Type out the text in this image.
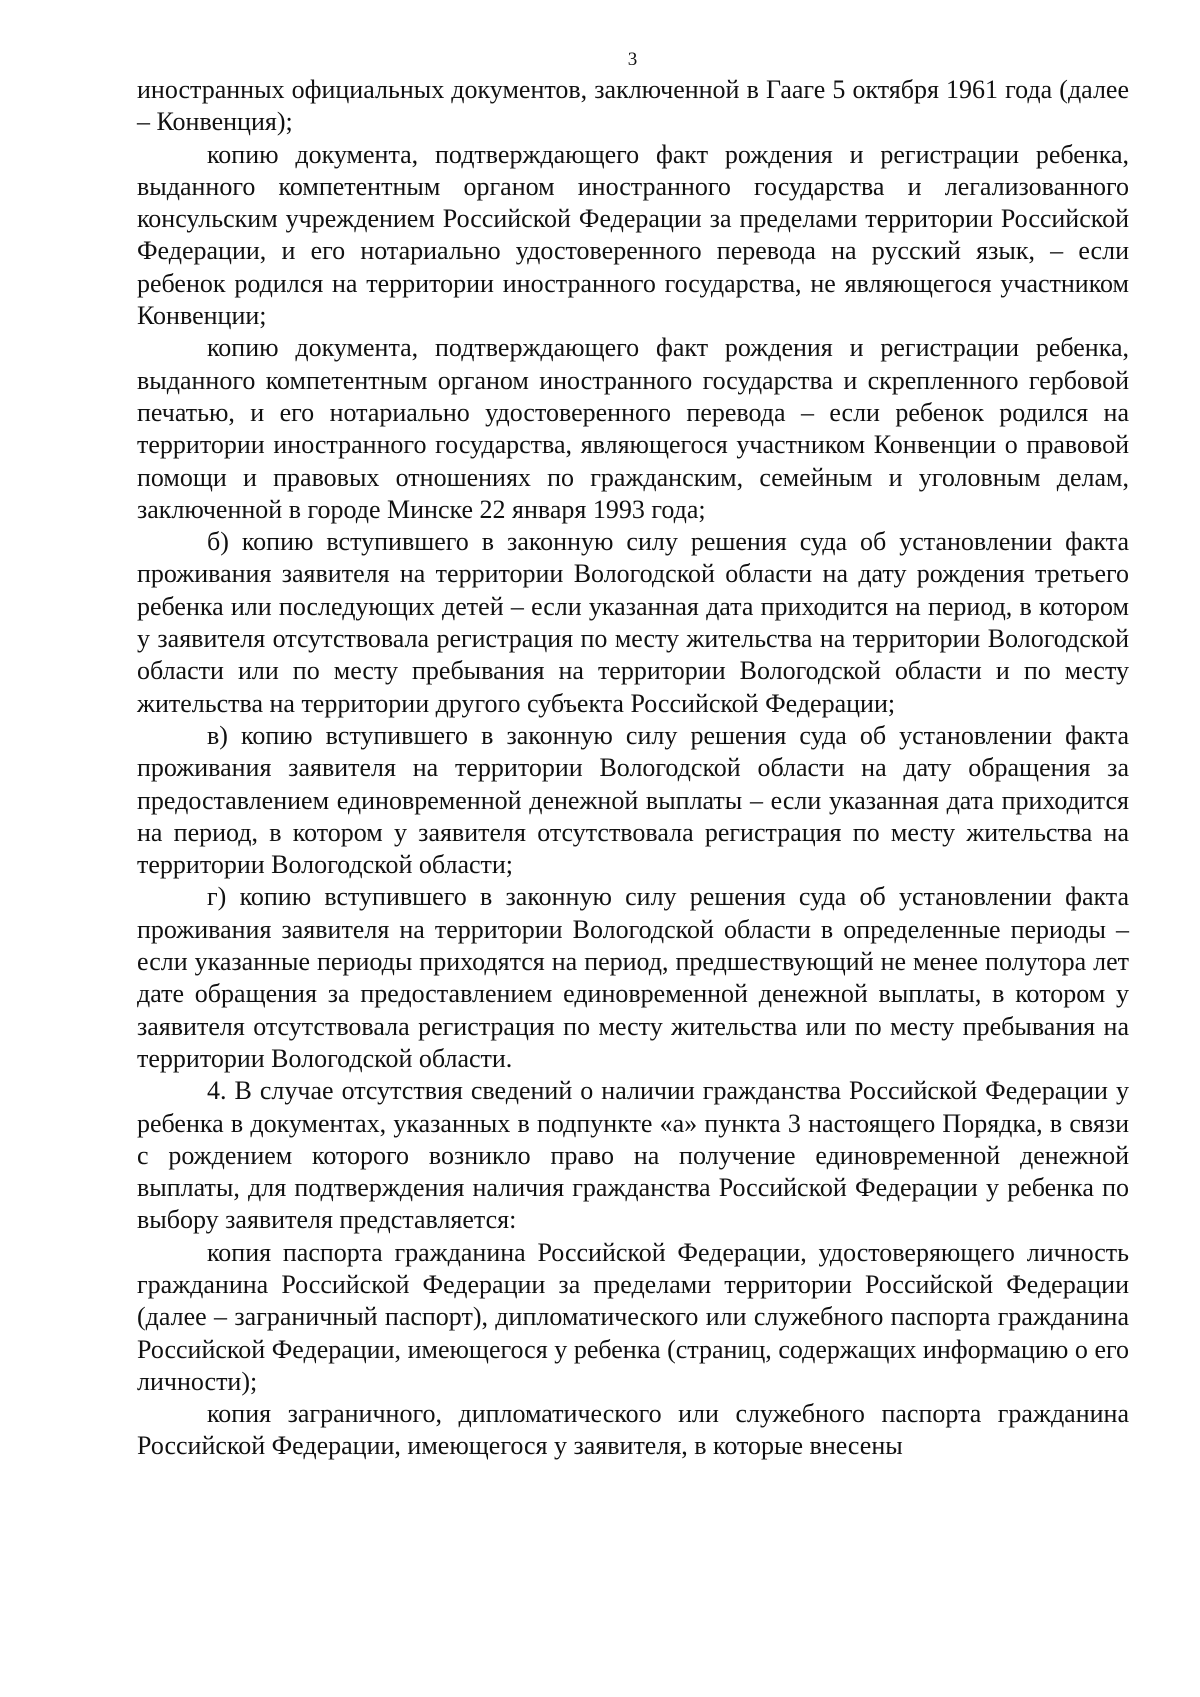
3

иностранных официальных документов, заключенной в Гааге 5 октября 1961 года (далее – Конвенция);

копию документа, подтверждающего факт рождения и регистрации ребенка, выданного компетентным органом иностранного государства и легализованного консульским учреждением Российской Федерации за пределами территории Российской Федерации, и его нотариально удостоверенного перевода на русский язык, – если ребенок родился на территории иностранного государства, не являющегося участником Конвенции;

копию документа, подтверждающего факт рождения и регистрации ребенка, выданного компетентным органом иностранного государства и скрепленного гербовой печатью, и его нотариально удостоверенного перевода – если ребенок родился на территории иностранного государства, являющегося участником Конвенции о правовой помощи и правовых отношениях по гражданским, семейным и уголовным делам, заключенной в городе Минске 22 января 1993 года;

б) копию вступившего в законную силу решения суда об установлении факта проживания заявителя на территории Вологодской области на дату рождения третьего ребенка или последующих детей – если указанная дата приходится на период, в котором у заявителя отсутствовала регистрация по месту жительства на территории Вологодской области или по месту пребывания на территории Вологодской области и по месту жительства на территории другого субъекта Российской Федерации;

в) копию вступившего в законную силу решения суда об установлении факта проживания заявителя на территории Вологодской области на дату обращения за предоставлением единовременной денежной выплаты – если указанная дата приходится на период, в котором у заявителя отсутствовала регистрация по месту жительства на территории Вологодской области;

г) копию вступившего в законную силу решения суда об установлении факта проживания заявителя на территории Вологодской области в определенные периоды – если указанные периоды приходятся на период, предшествующий не менее полутора лет дате обращения за предоставлением единовременной денежной выплаты, в котором у заявителя отсутствовала регистрация по месту жительства или по месту пребывания на территории Вологодской области.

4. В случае отсутствия сведений о наличии гражданства Российской Федерации у ребенка в документах, указанных в подпункте «а» пункта 3 настоящего Порядка, в связи с рождением которого возникло право на получение единовременной денежной выплаты, для подтверждения наличия гражданства Российской Федерации у ребенка по выбору заявителя представляется:

копия паспорта гражданина Российской Федерации, удостоверяющего личность гражданина Российской Федерации за пределами территории Российской Федерации (далее – заграничный паспорт), дипломатического или служебного паспорта гражданина Российской Федерации, имеющегося у ребенка (страниц, содержащих информацию о его личности);

копия заграничного, дипломатического или служебного паспорта гражданина Российской Федерации, имеющегося у заявителя, в которые внесены
